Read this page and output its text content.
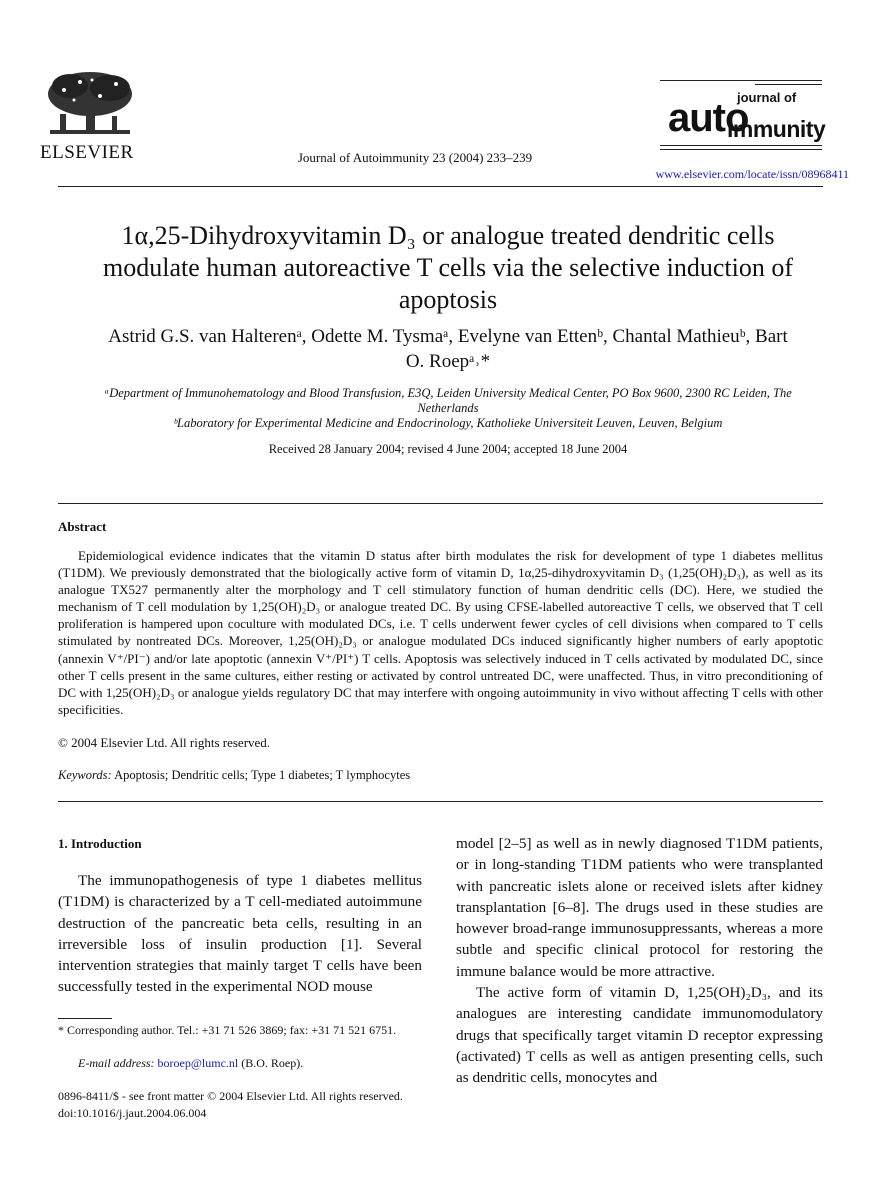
ELSEVIER	Journal of Autoimmunity 23 (2004) 233–239
journal of
auto
immunity
www.elsevier.com/locate/issn/08968411
1α,25-Dihydroxyvitamin D₃ or analogue treated dendritic cells modulate human autoreactive T cells via the selective induction of apoptosis
Astrid G.S. van Halterenᵃ, Odette M. Tysmaᵃ, Evelyne van Ettenᵇ, Chantal Mathieuᵇ, Bart O. Roepᵃ˒*
ᵃDepartment of Immunohematology and Blood Transfusion, E3Q, Leiden University Medical Center, PO Box 9600, 2300 RC Leiden, The Netherlands
ᵇLaboratory for Experimental Medicine and Endocrinology, Katholieke Universiteit Leuven, Leuven, Belgium
Received 28 January 2004; revised 4 June 2004; accepted 18 June 2004
Abstract
Epidemiological evidence indicates that the vitamin D status after birth modulates the risk for development of type 1 diabetes mellitus (T1DM). We previously demonstrated that the biologically active form of vitamin D, 1α,25-dihydroxyvitamin D₃ (1,25(OH)₂D₃), as well as its analogue TX527 permanently alter the morphology and T cell stimulatory function of human dendritic cells (DC). Here, we studied the mechanism of T cell modulation by 1,25(OH)₂D₃ or analogue treated DC. By using CFSE-labelled autoreactive T cells, we observed that T cell proliferation is hampered upon coculture with modulated DCs, i.e. T cells underwent fewer cycles of cell divisions when compared to T cells stimulated by nontreated DCs. Moreover, 1,25(OH)₂D₃ or analogue modulated DCs induced significantly higher numbers of early apoptotic (annexin V⁺/PI⁻) and/or late apoptotic (annexin V⁺/PI⁺) T cells. Apoptosis was selectively induced in T cells activated by modulated DC, since other T cells present in the same cultures, either resting or activated by control untreated DC, were unaffected. Thus, in vitro preconditioning of DC with 1,25(OH)₂D₃ or analogue yields regulatory DC that may interfere with ongoing autoimmunity in vivo without affecting T cells with other specificities.
© 2004 Elsevier Ltd. All rights reserved.
Keywords: Apoptosis; Dendritic cells; Type 1 diabetes; T lymphocytes
1. Introduction
The immunopathogenesis of type 1 diabetes mellitus (T1DM) is characterized by a T cell-mediated autoimmune destruction of the pancreatic beta cells, resulting in an irreversible loss of insulin production [1]. Several intervention strategies that mainly target T cells have been successfully tested in the experimental NOD mouse

model [2–5] as well as in newly diagnosed T1DM patients, or in long-standing T1DM patients who were transplanted with pancreatic islets alone or received islets after kidney transplantation [6–8]. The drugs used in these studies are however broad-range immunosuppressants, whereas a more subtle and specific clinical protocol for restoring the immune balance would be more attractive.

The active form of vitamin D, 1,25(OH)₂D₃, and its analogues are interesting candidate immunomodulatory drugs that specifically target vitamin D receptor expressing (activated) T cells as well as antigen presenting cells, such as dendritic cells, monocytes and

* Corresponding author. Tel.: +31 71 526 3869; fax: +31 71 521 6751.
E-mail address: boroep@lumc.nl (B.O. Roep).
0896-8411/$ - see front matter © 2004 Elsevier Ltd. All rights reserved.
doi:10.1016/j.jaut.2004.06.004
